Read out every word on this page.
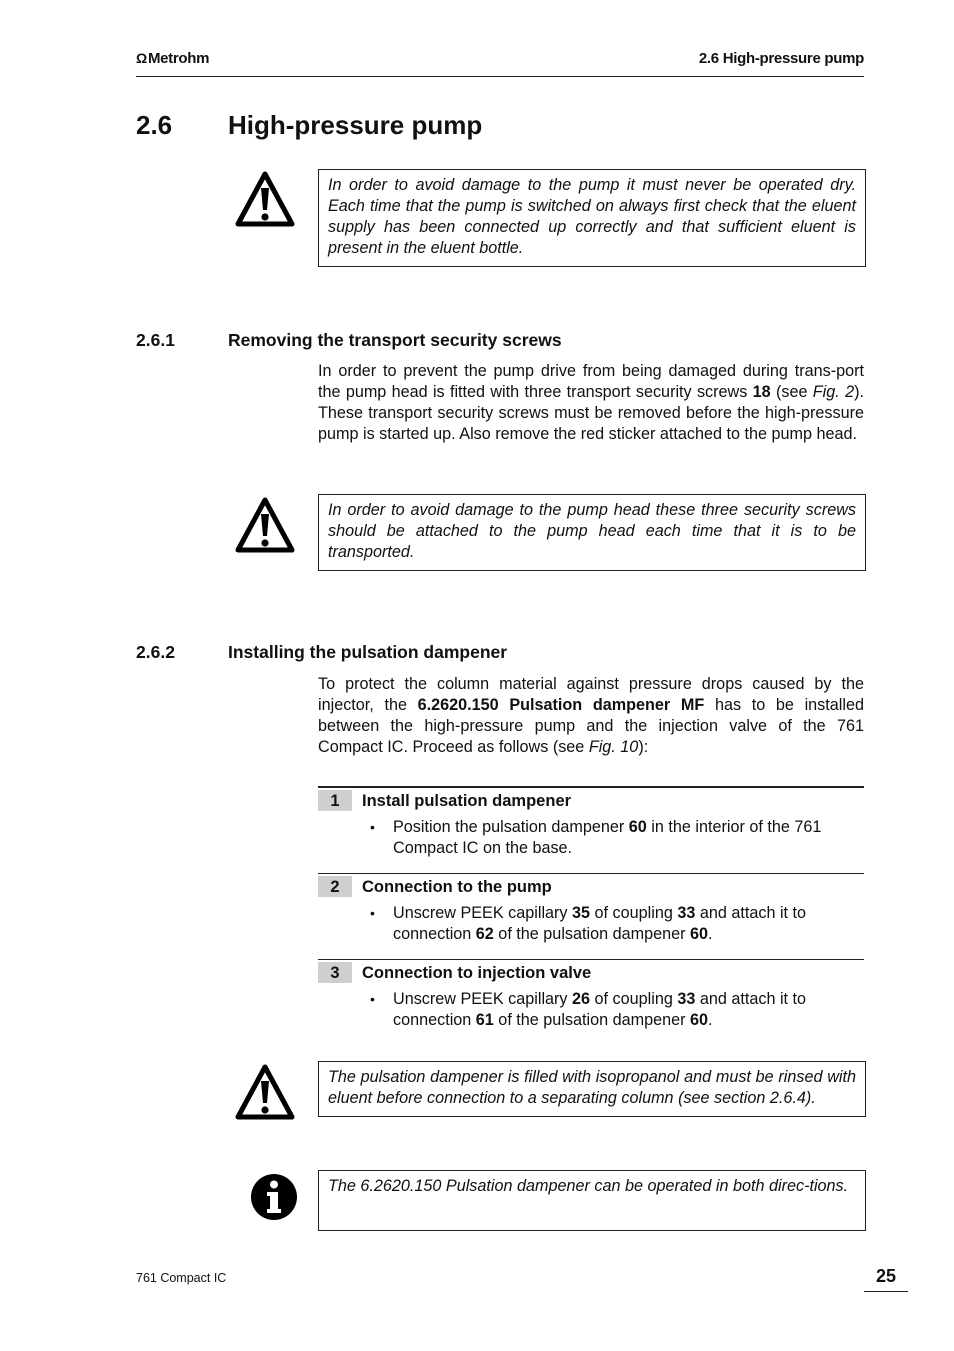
ΩMetrohm	2.6 High-pressure pump
2.6 High-pressure pump

In order to avoid damage to the pump it must never be operated dry. Each time that the pump is switched on always first check that the eluent supply has been connected up correctly and that sufficient eluent is present in the eluent bottle.

2.6.1	Removing the transport security screws

In order to prevent the pump drive from being damaged during trans-port the pump head is fitted with three transport security screws 18 (see Fig. 2). These transport security screws must be removed before the high-pressure pump is started up. Also remove the red sticker attached to the pump head.

In order to avoid damage to the pump head these three security screws should be attached to the pump head each time that it is to be transported.

2.6.2	Installing the pulsation dampener

To protect the column material against pressure drops caused by the injector, the 6.2620.150 Pulsation dampener MF has to be installed between the high-pressure pump and the injection valve of the 761 Compact IC. Proceed as follows (see Fig. 10):

1	Install pulsation dampener
• Position the pulsation dampener 60 in the interior of the 761 Compact IC on the base.

2	Connection to the pump
• Unscrew PEEK capillary 35 of coupling 33 and attach it to connection 62 of the pulsation dampener 60.

3	Connection to injection valve
• Unscrew PEEK capillary 26 of coupling 33 and attach it to connection 61 of the pulsation dampener 60.

The pulsation dampener is filled with isopropanol and must be rinsed with eluent before connection to a separating column (see section 2.6.4).

The 6.2620.150 Pulsation dampener can be operated in both direc-tions.

761 Compact IC	25
